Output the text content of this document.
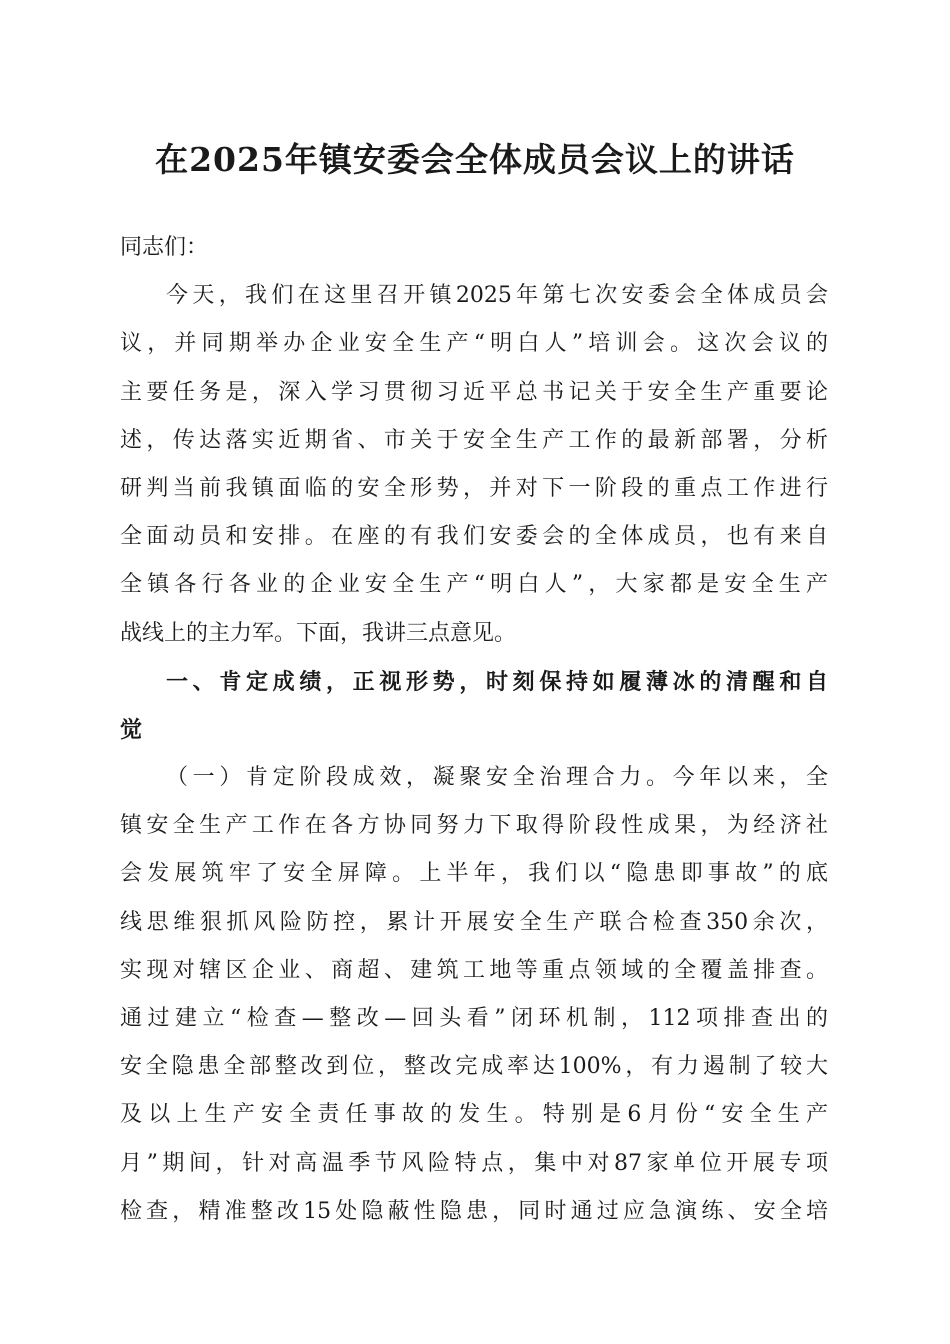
在2025年镇安委会全体成员会议上的讲话
同志们：
今天，我们在这里召开镇2025年第七次安委会全体成员会
议，并同期举办企业安全生产“明白人”培训会。这次会议的
主要任务是，深入学习贯彻习近平总书记关于安全生产重要论
述，传达落实近期省、市关于安全生产工作的最新部署，分析
研判当前我镇面临的安全形势，并对下一阶段的重点工作进行
全面动员和安排。在座的有我们安委会的全体成员，也有来自
全镇各行各业的企业安全生产“明白人”，大家都是安全生产
战线上的主力军。下面，我讲三点意见。
一、肯定成绩，正视形势，时刻保持如履薄冰的清醒和自
觉
（一）肯定阶段成效，凝聚安全治理合力。今年以来，全
镇安全生产工作在各方协同努力下取得阶段性成果，为经济社
会发展筑牢了安全屏障。上半年，我们以“隐患即事故”的底
线思维狠抓风险防控，累计开展安全生产联合检查350余次，
实现对辖区企业、商超、建筑工地等重点领域的全覆盖排查。
通过建立“检查—整改—回头看”闭环机制，112项排查出的
安全隐患全部整改到位，整改完成率达100%，有力遏制了较大
及以上生产安全责任事故的发生。特别是6月份“安全生产
月”期间，针对高温季节风险特点，集中对87家单位开展专项
检查，精准整改15处隐蔽性隐患，同时通过应急演练、安全培
